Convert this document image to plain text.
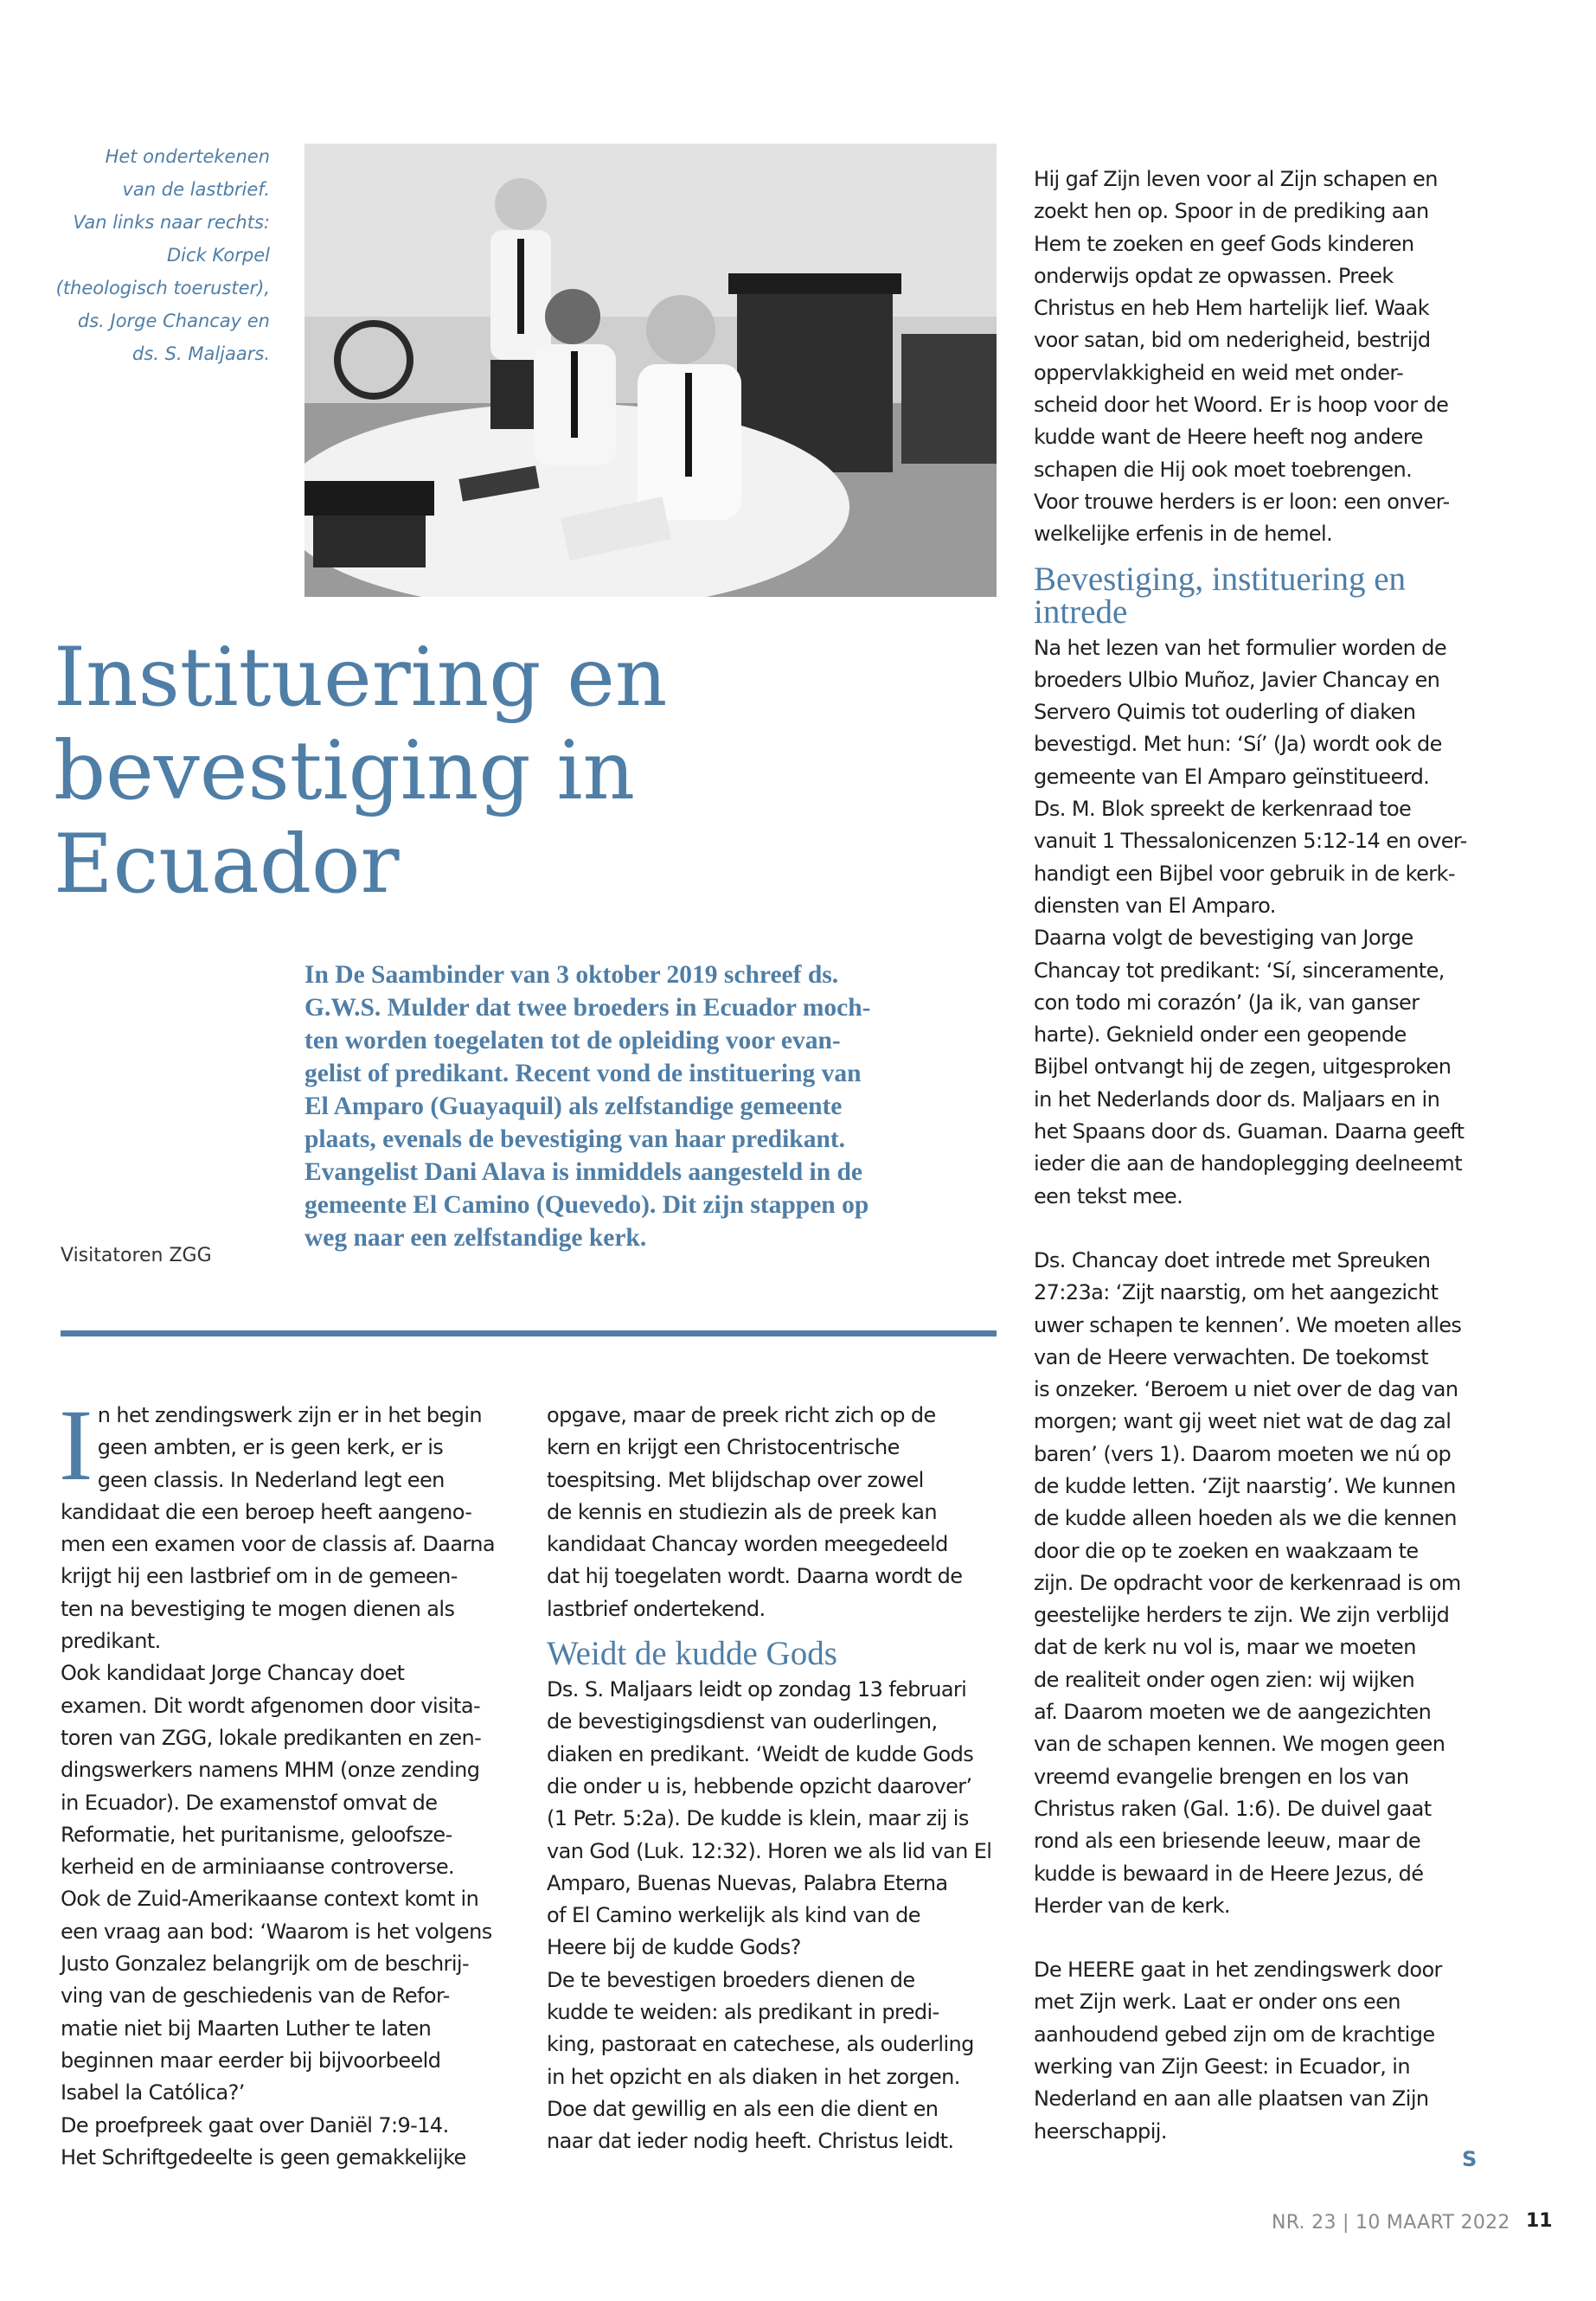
Het ondertekenen
van de lastbrief.
Van links naar rechts:
Dick Korpel
(theologisch toeruster),
ds. Jorge Chancay en
ds. S. Maljaars.
Instituering en
bevestiging in
Ecuador
In De Saambinder van 3 oktober 2019 schreef ds.
G.W.S. Mulder dat twee broeders in Ecuador moch-
ten worden toegelaten tot de opleiding voor evan-
gelist of predikant. Recent vond de instituering van
El Amparo (Guayaquil) als zelfstandige gemeente
plaats, evenals de bevestiging van haar predikant.
Evangelist Dani Alava is inmiddels aangesteld in de
gemeente El Camino (Quevedo). Dit zijn stappen op
weg naar een zelfstandige kerk.
Visitatoren ZGG
I n het zendingswerk zijn er in het begin
geen ambten, er is geen kerk, er is
geen classis. In Nederland legt een
kandidaat die een beroep heeft aangeno-
men een examen voor de classis af. Daarna
krijgt hij een lastbrief om in de gemeen-
ten na bevestiging te mogen dienen als
predikant.
Ook kandidaat Jorge Chancay doet
examen. Dit wordt afgenomen door visita-
toren van ZGG, lokale predikanten en zen-
dingswerkers namens MHM (onze zending
in Ecuador). De examenstof omvat de
Reformatie, het puritanisme, geloofsze-
kerheid en de arminiaanse controverse.
Ook de Zuid-Amerikaanse context komt in
een vraag aan bod: ‘Waarom is het volgens
Justo Gonzalez belangrijk om de beschrij-
ving van de geschiedenis van de Refor-
matie niet bij Maarten Luther te laten
beginnen maar eerder bij bijvoorbeeld
Isabel la Católica?’
De proefpreek gaat over Daniël 7:9-14.
Het Schriftgedeelte is geen gemakkelijke
opgave, maar de preek richt zich op de
kern en krijgt een Christocentrische
toespitsing. Met blijdschap over zowel
de kennis en studiezin als de preek kan
kandidaat Chancay worden meegedeeld
dat hij toegelaten wordt. Daarna wordt de
lastbrief ondertekend.
Weidt de kudde Gods
Ds. S. Maljaars leidt op zondag 13 februari
de bevestigingsdienst van ouderlingen,
diaken en predikant. ‘Weidt de kudde Gods
die onder u is, hebbende opzicht daarover’
(1 Petr. 5:2a). De kudde is klein, maar zij is
van God (Luk. 12:32). Horen we als lid van El
Amparo, Buenas Nuevas, Palabra Eterna
of El Camino werkelijk als kind van de
Heere bij de kudde Gods?
De te bevestigen broeders dienen de
kudde te weiden: als predikant in predi-
king, pastoraat en catechese, als ouderling
in het opzicht en als diaken in het zorgen.
Doe dat gewillig en als een die dient en
naar dat ieder nodig heeft. Christus leidt.
Hij gaf Zijn leven voor al Zijn schapen en
zoekt hen op. Spoor in de prediking aan
Hem te zoeken en geef Gods kinderen
onderwijs opdat ze opwassen. Preek
Christus en heb Hem hartelijk lief. Waak
voor satan, bid om nederigheid, bestrijd
oppervlakkigheid en weid met onder-
scheid door het Woord. Er is hoop voor de
kudde want de Heere heeft nog andere
schapen die Hij ook moet toebrengen.
Voor trouwe herders is er loon: een onver-
welkelijke erfenis in de hemel.
Bevestiging, instituering en
intrede
Na het lezen van het formulier worden de
broeders Ulbio Muñoz, Javier Chancay en
Servero Quimis tot ouderling of diaken
bevestigd. Met hun: ‘Sí’ (Ja) wordt ook de
gemeente van El Amparo geïnstitueerd.
Ds. M. Blok spreekt de kerkenraad toe
vanuit 1 Thessalonicenzen 5:12-14 en over-
handigt een Bijbel voor gebruik in de kerk-
diensten van El Amparo.
Daarna volgt de bevestiging van Jorge
Chancay tot predikant: ‘Sí, sinceramente,
con todo mi corazón’ (Ja ik, van ganser
harte). Geknield onder een geopende
Bijbel ontvangt hij de zegen, uitgesproken
in het Nederlands door ds. Maljaars en in
het Spaans door ds. Guaman. Daarna geeft
ieder die aan de handoplegging deelneemt
een tekst mee.
Ds. Chancay doet intrede met Spreuken
27:23a: ‘Zijt naarstig, om het aangezicht
uwer schapen te kennen’. We moeten alles
van de Heere verwachten. De toekomst
is onzeker. ‘Beroem u niet over de dag van
morgen; want gij weet niet wat de dag zal
baren’ (vers 1). Daarom moeten we nú op
de kudde letten. ‘Zijt naarstig’. We kunnen
de kudde alleen hoeden als we die kennen
door die op te zoeken en waakzaam te
zijn. De opdracht voor de kerkenraad is om
geestelijke herders te zijn. We zijn verblijd
dat de kerk nu vol is, maar we moeten
de realiteit onder ogen zien: wij wijken
af. Daarom moeten we de aangezichten
van de schapen kennen. We mogen geen
vreemd evangelie brengen en los van
Christus raken (Gal. 1:6). De duivel gaat
rond als een briesende leeuw, maar de
kudde is bewaard in de Heere Jezus, dé
Herder van de kerk.
De HEERE gaat in het zendingswerk door
met Zijn werk. Laat er onder ons een
aanhoudend gebed zijn om de krachtige
werking van Zijn Geest: in Ecuador, in
Nederland en aan alle plaatsen van Zijn
heerschappij.
S
NR. 23 | 10 MAART 2022 11
